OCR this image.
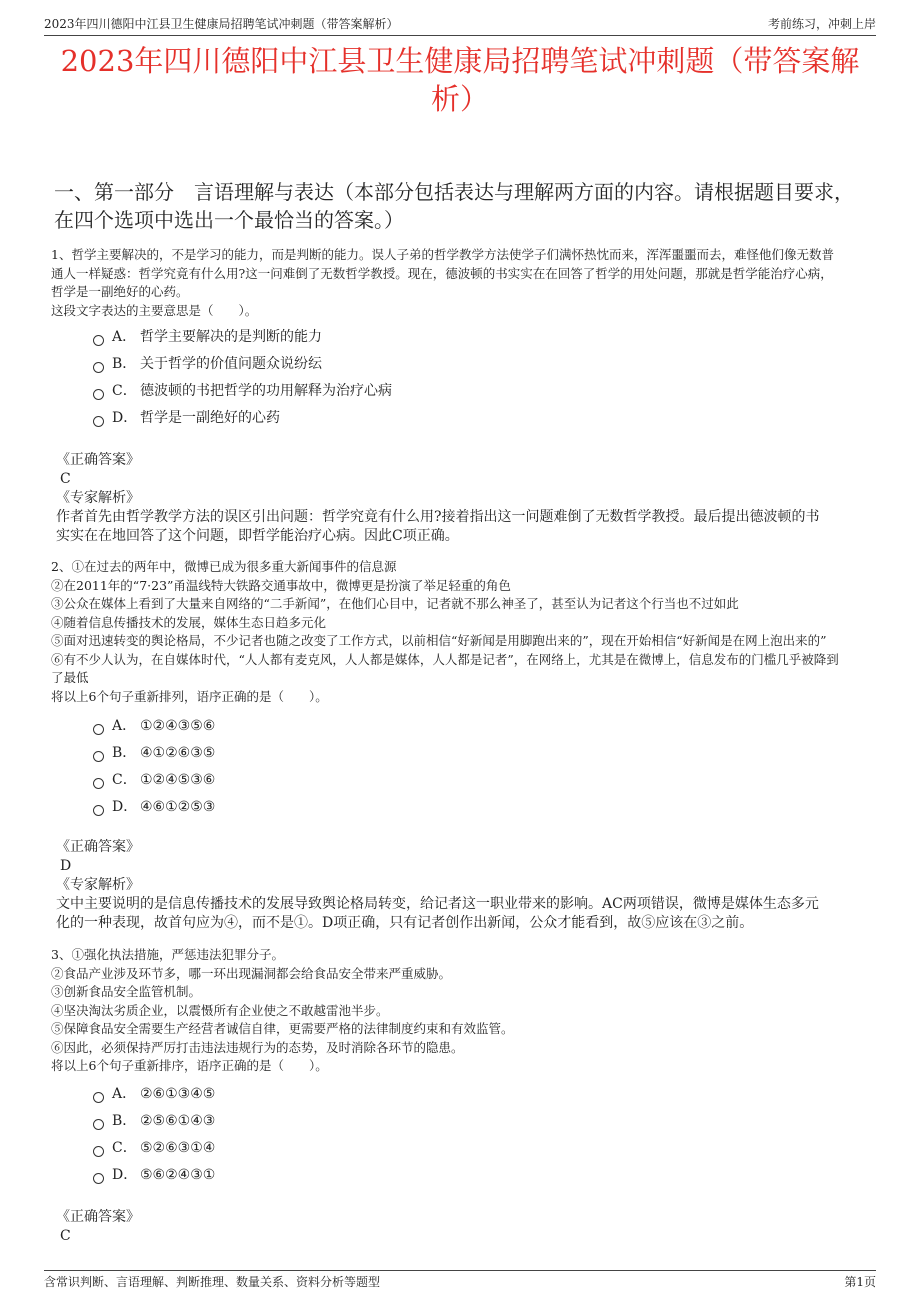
2023年四川德阳中江县卫生健康局招聘笔试冲刺题（带答案解析）	考前练习，冲刺上岸
2023年四川德阳中江县卫生健康局招聘笔试冲刺题（带答案解析）
一、第一部分　言语理解与表达（本部分包括表达与理解两方面的内容。请根据题目要求，在四个选项中选出一个最恰当的答案。）

1、哲学主要解决的，不是学习的能力，而是判断的能力。误人子弟的哲学教学方法使学子们满怀热忱而来，浑浑噩噩而去，难怪他们像无数普

通人一样疑惑：哲学究竟有什么用?这一问难倒了无数哲学教授。现在，德波顿的书实实在在回答了哲学的用处问题，那就是哲学能治疗心病，

哲学是一副绝好的心药。

这段文字表达的主要意思是（　　）。

A． 哲学主要解决的是判断的能力
B． 关于哲学的价值问题众说纷纭
C． 德波顿的书把哲学的功用解释为治疗心病
D． 哲学是一副绝好的心药
《正确答案》
C
《专家解析》
作者首先由哲学教学方法的误区引出问题：哲学究竟有什么用?接着指出这一问题难倒了无数哲学教授。最后提出德波顿的书
实实在在地回答了这个问题，即哲学能治疗心病。因此C项正确。

2、①在过去的两年中，微博已成为很多重大新闻事件的信息源

②在2011年的“7·23”甬温线特大铁路交通事故中，微博更是扮演了举足轻重的角色

③公众在媒体上看到了大量来自网络的“二手新闻”，在他们心目中，记者就不那么神圣了，甚至认为记者这个行当也不过如此

④随着信息传播技术的发展，媒体生态日趋多元化

⑤面对迅速转变的舆论格局，不少记者也随之改变了工作方式，以前相信“好新闻是用脚跑出来的”，现在开始相信“好新闻是在网上泡出来的”

⑥有不少人认为，在自媒体时代，“人人都有麦克风，人人都是媒体，人人都是记者”，在网络上，尤其是在微博上，信息发布的门槛几乎被降到

了最低

将以上6个句子重新排列，语序正确的是（　　）。

A． ①②④③⑤⑥
B． ④①②⑥③⑤
C． ①②④⑤③⑥
D． ④⑥①②⑤③
《正确答案》
D
《专家解析》
文中主要说明的是信息传播技术的发展导致舆论格局转变，给记者这一职业带来的影响。AC两项错误，微博是媒体生态多元
化的一种表现，故首句应为④，而不是①。D项正确，只有记者创作出新闻，公众才能看到，故⑤应该在③之前。

3、①强化执法措施，严惩违法犯罪分子。

②食品产业涉及环节多，哪一环出现漏洞都会给食品安全带来严重威胁。

③创新食品安全监管机制。

④坚决淘汰劣质企业，以震慑所有企业使之不敢越雷池半步。

⑤保障食品安全需要生产经营者诚信自律，更需要严格的法律制度约束和有效监管。

⑥因此，必须保持严厉打击违法违规行为的态势，及时消除各环节的隐患。

将以上6个句子重新排序，语序正确的是（　　）。

A． ②⑥①③④⑤
B． ②⑤⑥①④③
C． ⑤②⑥③①④
D． ⑤⑥②④③①
《正确答案》
C
含常识判断、言语理解、判断推理、数量关系、资料分析等题型	第1页
